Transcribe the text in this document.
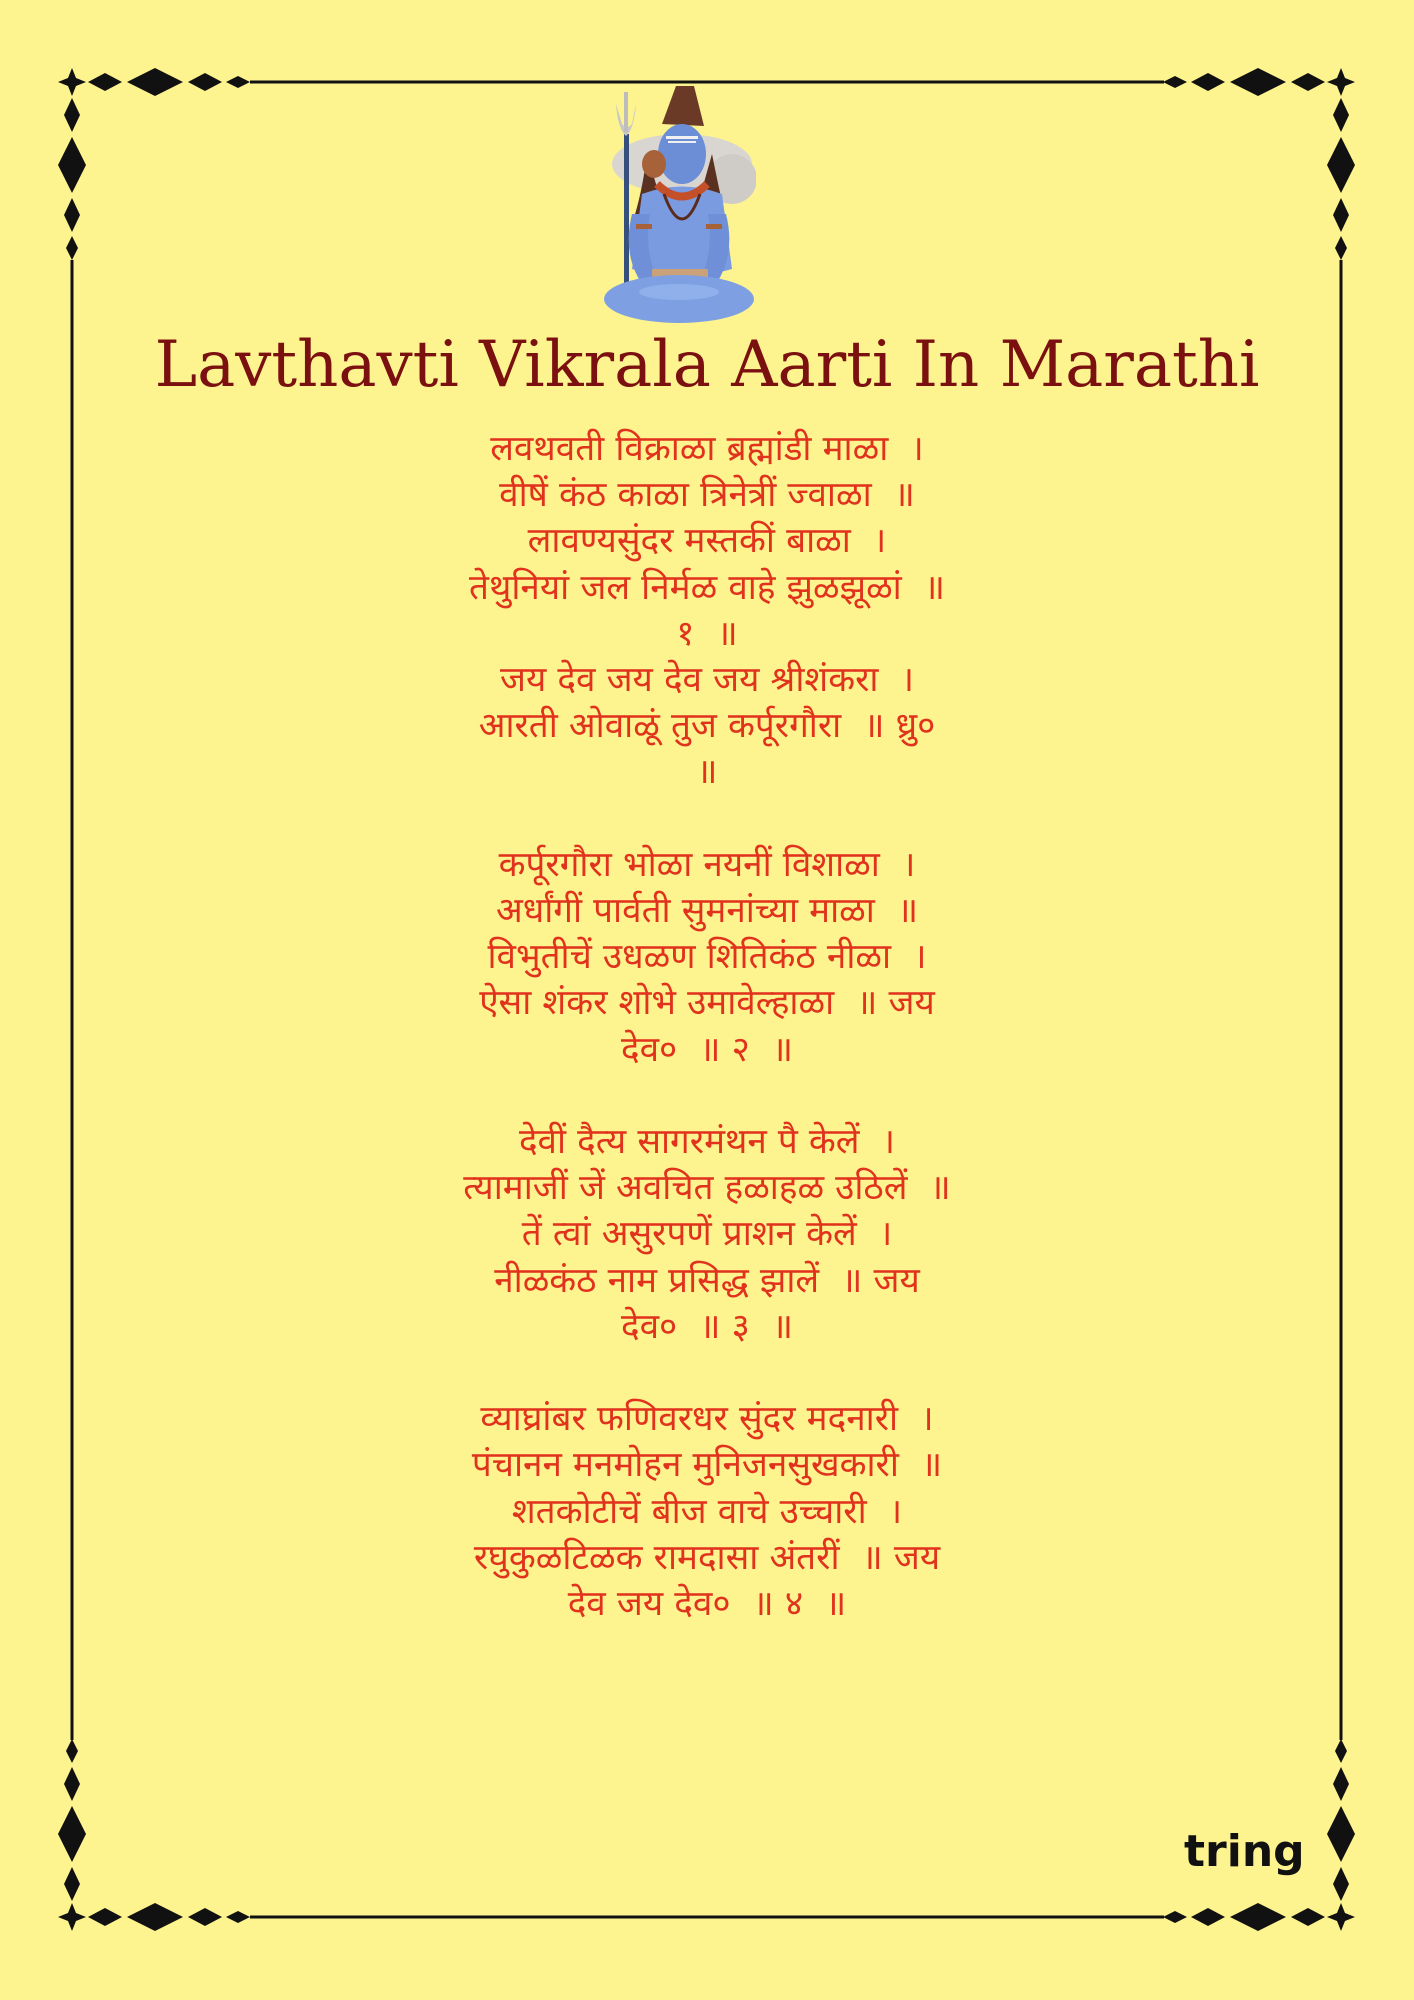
Lavthavti Vikrala Aarti In Marathi
लवथवती विक्राळा ब्रह्मांडी माळा  ।
वीषें कंठ काळा त्रिनेत्रीं ज्वाळा  ॥
लावण्यसुंदर मस्तकीं बाळा  ।
तेथुनियां जल निर्मळ वाहे झुळझूळां  ॥
१  ॥
जय देव जय देव जय श्रीशंकरा  ।
आरती ओवाळूं तुज कर्पूरगौरा  ॥ ध्रु०
॥
कर्पूरगौरा भोळा नयनीं विशाळा  ।
अर्धांगीं पार्वती सुमनांच्या माळा  ॥
विभुतीचें उधळण शितिकंठ नीळा  ।
ऐसा शंकर शोभे उमावेल्हाळा  ॥ जय
देव०  ॥ २  ॥
देवीं दैत्य सागरमंथन पै केलें  ।
त्यामाजीं जें अवचित हळाहळ उठिलें  ॥
तें त्वां असुरपणें प्राशन केलें  ।
नीळकंठ नाम प्रसिद्ध झालें  ॥ जय
देव०  ॥ ३  ॥
व्याघ्रांबर फणिवरधर सुंदर मदनारी  ।
पंचानन मनमोहन मुनिजनसुखकारी  ॥
शतकोटीचें बीज वाचे उच्चारी  ।
रघुकुळटिळक रामदासा अंतरीं  ॥ जय
देव जय देव०  ॥ ४  ॥
tring
